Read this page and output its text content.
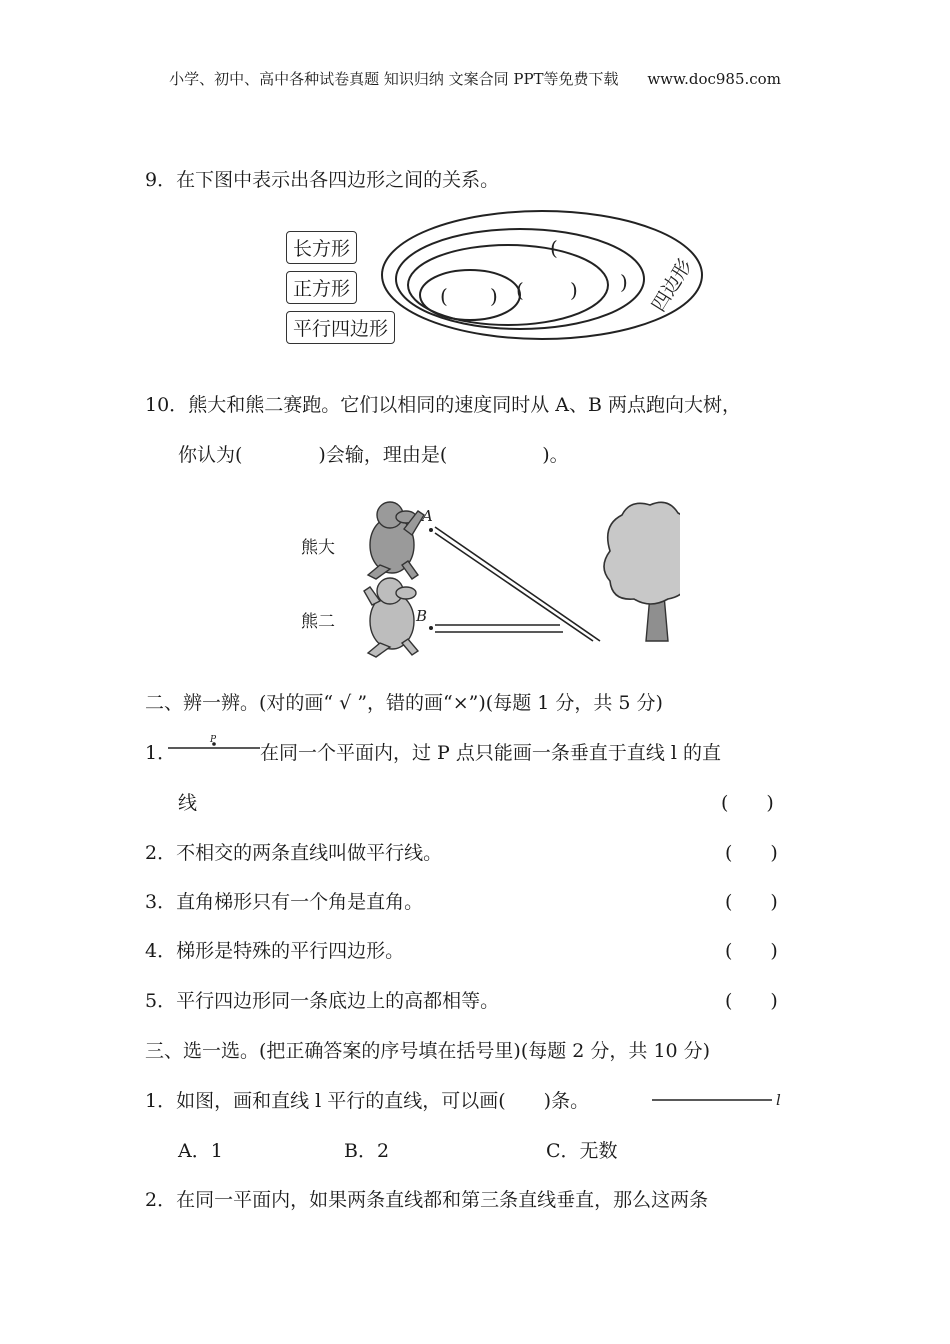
小学、初中、高中各种试卷真题 知识归纳 文案合同 PPT等免费下载 www.doc985.com
9．在下图中表示出各四边形之间的关系。
长方形
正方形
平行四边形
(
)
( )
( )	四边形
10．熊大和熊二赛跑。它们以相同的速度同时从 A、B 两点跑向大树，
你认为(　　　　)会输，理由是(　　　　　)。
熊大
熊二
A
B
二、辨一辨。(对的画“ √ ”，错的画“×”)(每题 1 分，共 5 分)
1．
P
在同一个平面内，过 P 点只能画一条垂直于直线 l 的直
线	(　　)
2．不相交的两条直线叫做平行线。	(　　)
3．直角梯形只有一个角是直角。	(　　)
4．梯形是特殊的平行四边形。	(　　)
5．平行四边形同一条底边上的高都相等。	(　　)
三、选一选。(把正确答案的序号填在括号里)(每题 2 分，共 10 分)
1．如图，画和直线 l 平行的直线，可以画(　　)条。	l
A．1	B．2	C．无数
2．在同一平面内，如果两条直线都和第三条直线垂直，那么这两条
